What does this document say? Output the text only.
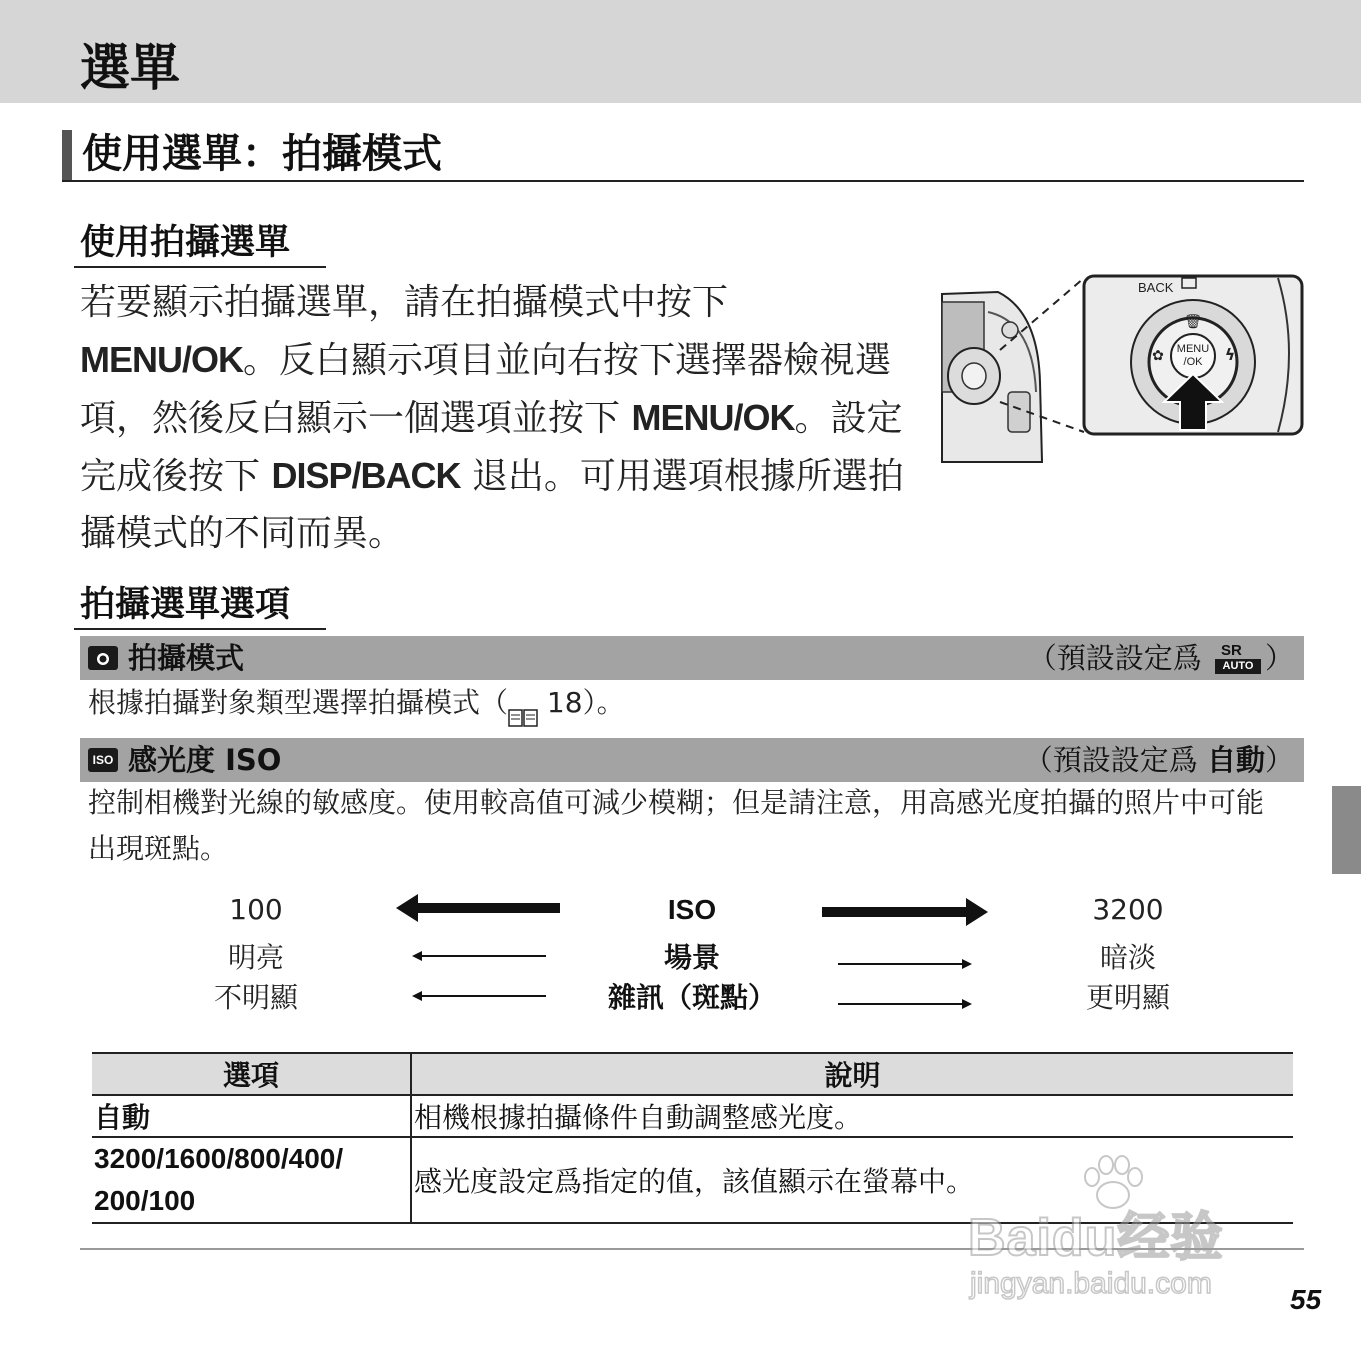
選單
使用選單：拍攝模式
使用拍攝選單
若要顯示拍攝選單，請在拍攝模式中按下 MENU/OK。反白顯示項目並向右按下選擇器檢視選項，然後反白顯示一個選項並按下 MENU/OK。設定完成後按下 DISP/BACK 退出。可用選項根據所選拍攝模式的不同而異。
BACK
MENU
/OK
✿	ϟ
🗑
拍攝選單選項
拍攝模式	（預設設定爲 SR
AUTO ）
根據拍攝對象類型選擇拍攝模式（ 18）。
ISO 感光度 ISO	（預設設定爲 自動）
控制相機對光線的敏感度。使用較高值可減少模糊；但是請注意，用高感光度拍攝的照片中可能出現斑點。
100	ISO	3200
明亮	場景	暗淡
不明顯	雜訊（斑點）	更明顯
選項	說明
自動	相機根據拍攝條件自動調整感光度。

3200/1600/800/400/
200/100	感光度設定爲指定的值，該值顯示在螢幕中。
Baidu经验
jingyan.baidu.com	55
